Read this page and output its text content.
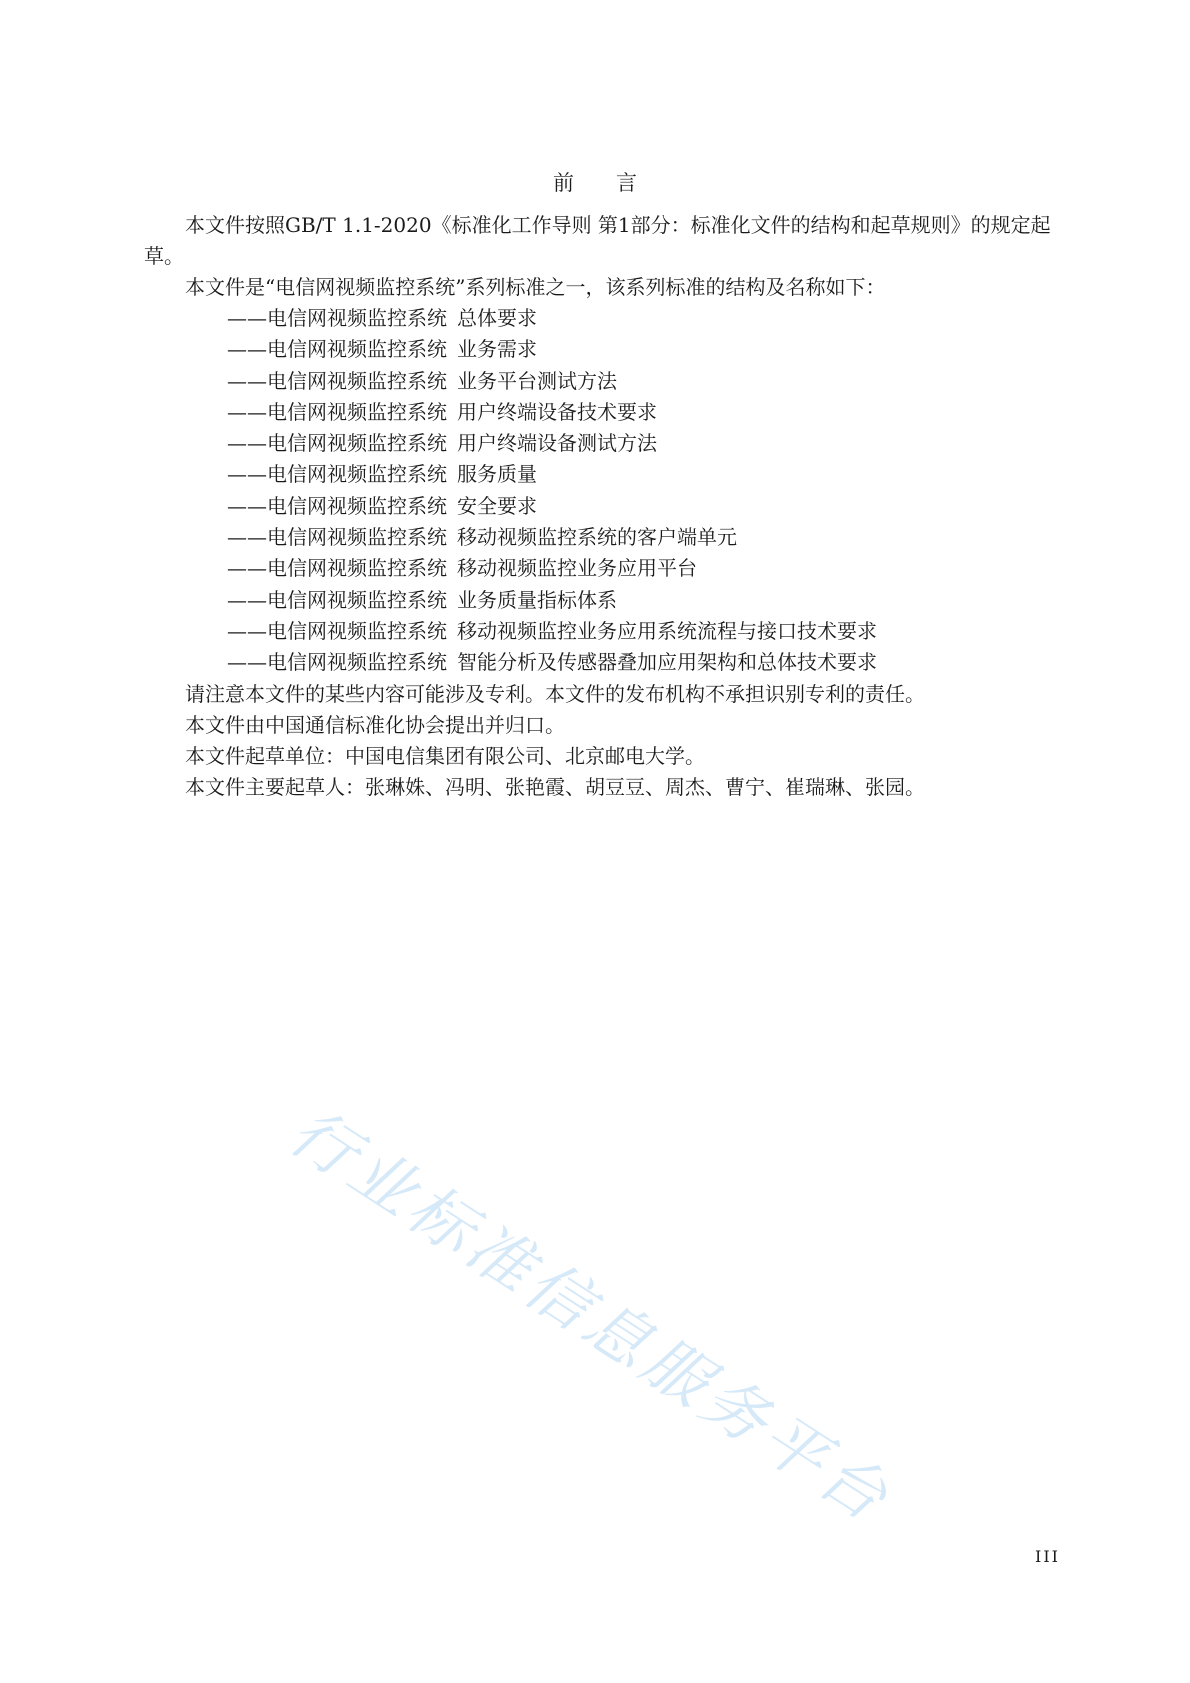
前 言

本文件按照GB/T 1.1-2020《标准化工作导则 第1部分：标准化文件的结构和起草规则》的规定起草。

本文件是“电信网视频监控系统”系列标准之一，该系列标准的结构及名称如下：

——电信网视频监控系统 总体要求
——电信网视频监控系统 业务需求
——电信网视频监控系统 业务平台测试方法
——电信网视频监控系统 用户终端设备技术要求
——电信网视频监控系统 用户终端设备测试方法
——电信网视频监控系统 服务质量
——电信网视频监控系统 安全要求
——电信网视频监控系统 移动视频监控系统的客户端单元
——电信网视频监控系统 移动视频监控业务应用平台
——电信网视频监控系统 业务质量指标体系
——电信网视频监控系统 移动视频监控业务应用系统流程与接口技术要求
——电信网视频监控系统 智能分析及传感器叠加应用架构和总体技术要求

请注意本文件的某些内容可能涉及专利。本文件的发布机构不承担识别专利的责任。

本文件由中国通信标准化协会提出并归口。

本文件起草单位：中国电信集团有限公司、北京邮电大学。

本文件主要起草人：张琳姝、冯明、张艳霞、胡豆豆、周杰、曹宁、崔瑞琳、张园。

行业标准信息服务平台
III
